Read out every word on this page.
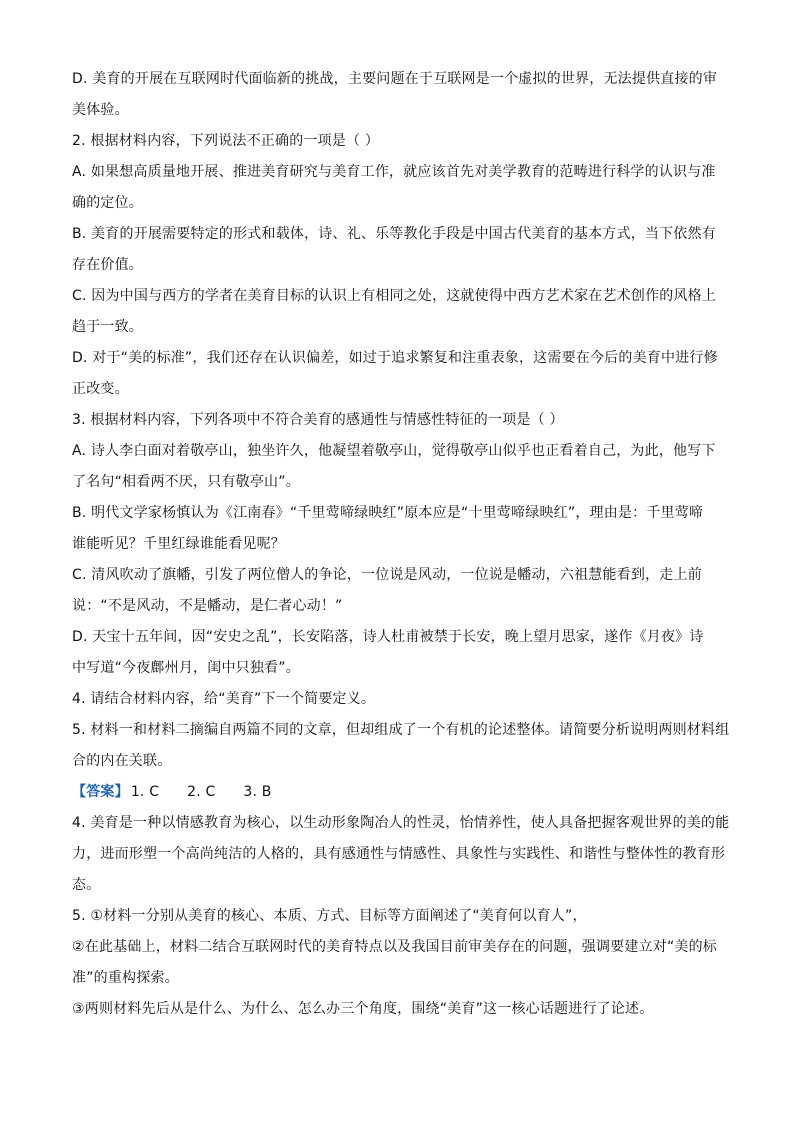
D. 美育的开展在互联网时代面临新的挑战，主要问题在于互联网是一个虚拟的世界，无法提供直接的审
美体验。
2. 根据材料内容，下列说法不正确的一项是（ ）
A. 如果想高质量地开展、推进美育研究与美育工作，就应该首先对美学教育的范畴进行科学的认识与准
确的定位。
B. 美育的开展需要特定的形式和载体，诗、礼、乐等教化手段是中国古代美育的基本方式，当下依然有
存在价值。
C. 因为中国与西方的学者在美育目标的认识上有相同之处，这就使得中西方艺术家在艺术创作的风格上
趋于一致。
D. 对于“美的标准”，我们还存在认识偏差，如过于追求繁复和注重表象，这需要在今后的美育中进行修
正改变。
3. 根据材料内容，下列各项中不符合美育的感通性与情感性特征的一项是（ ）
A. 诗人李白面对着敬亭山，独坐许久，他凝望着敬亭山，觉得敬亭山似乎也正看着自己，为此，他写下
了名句“相看两不厌，只有敬亭山”。
B. 明代文学家杨慎认为《江南春》“千里莺啼绿映红”原本应是“十里莺啼绿映红”，理由是：千里莺啼
谁能听见？千里红绿谁能看见呢？
C. 清风吹动了旗幡，引发了两位僧人的争论，一位说是风动，一位说是幡动，六祖慧能看到，走上前
说：“不是风动，不是幡动，是仁者心动！”
D. 天宝十五年间，因“安史之乱”，长安陷落，诗人杜甫被禁于长安，晚上望月思家，遂作《月夜》诗
中写道“今夜鄜州月，闺中只独看”。
4. 请结合材料内容，给“美育”下一个简要定义。
5. 材料一和材料二摘编自两篇不同的文章，但却组成了一个有机的论述整体。请简要分析说明两则材料组
合的内在关联。
【答案】 1. C      2. C      3. B
4. 美育是一种以情感教育为核心，以生动形象陶冶人的性灵，怡情养性，使人具备把握客观世界的美的能
力，进而形塑一个高尚纯洁的人格的，具有感通性与情感性、具象性与实践性、和谐性与整体性的教育形
态。
5. ①材料一分别从美育的核心、本质、方式、目标等方面阐述了“美育何以育人”，
②在此基础上，材料二结合互联网时代的美育特点以及我国目前审美存在的问题，强调要建立对“美的标
准”的重构探索。
③两则材料先后从是什么、为什么、怎么办三个角度，围绕“美育”这一核心话题进行了论述。
